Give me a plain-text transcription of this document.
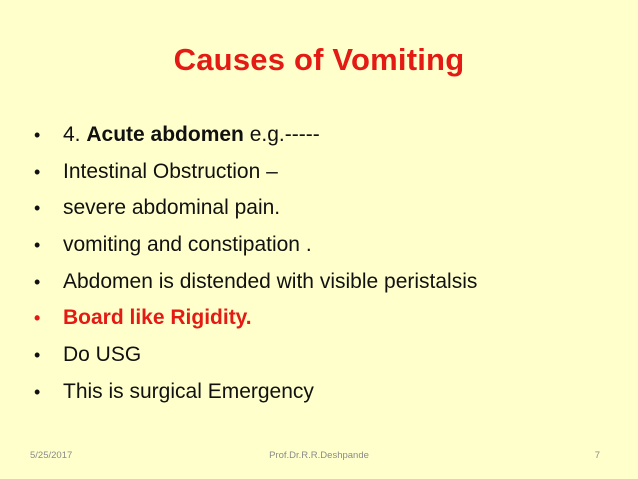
Causes of Vomiting
• 4. Acute abdomen e.g.-----
• Intestinal Obstruction –
• severe abdominal pain.
• vomiting and constipation .
• Abdomen is distended with visible peristalsis
• Board like Rigidity.
• Do USG
• This is surgical Emergency
5/25/2017	Prof.Dr.R.R.Deshpande	7
